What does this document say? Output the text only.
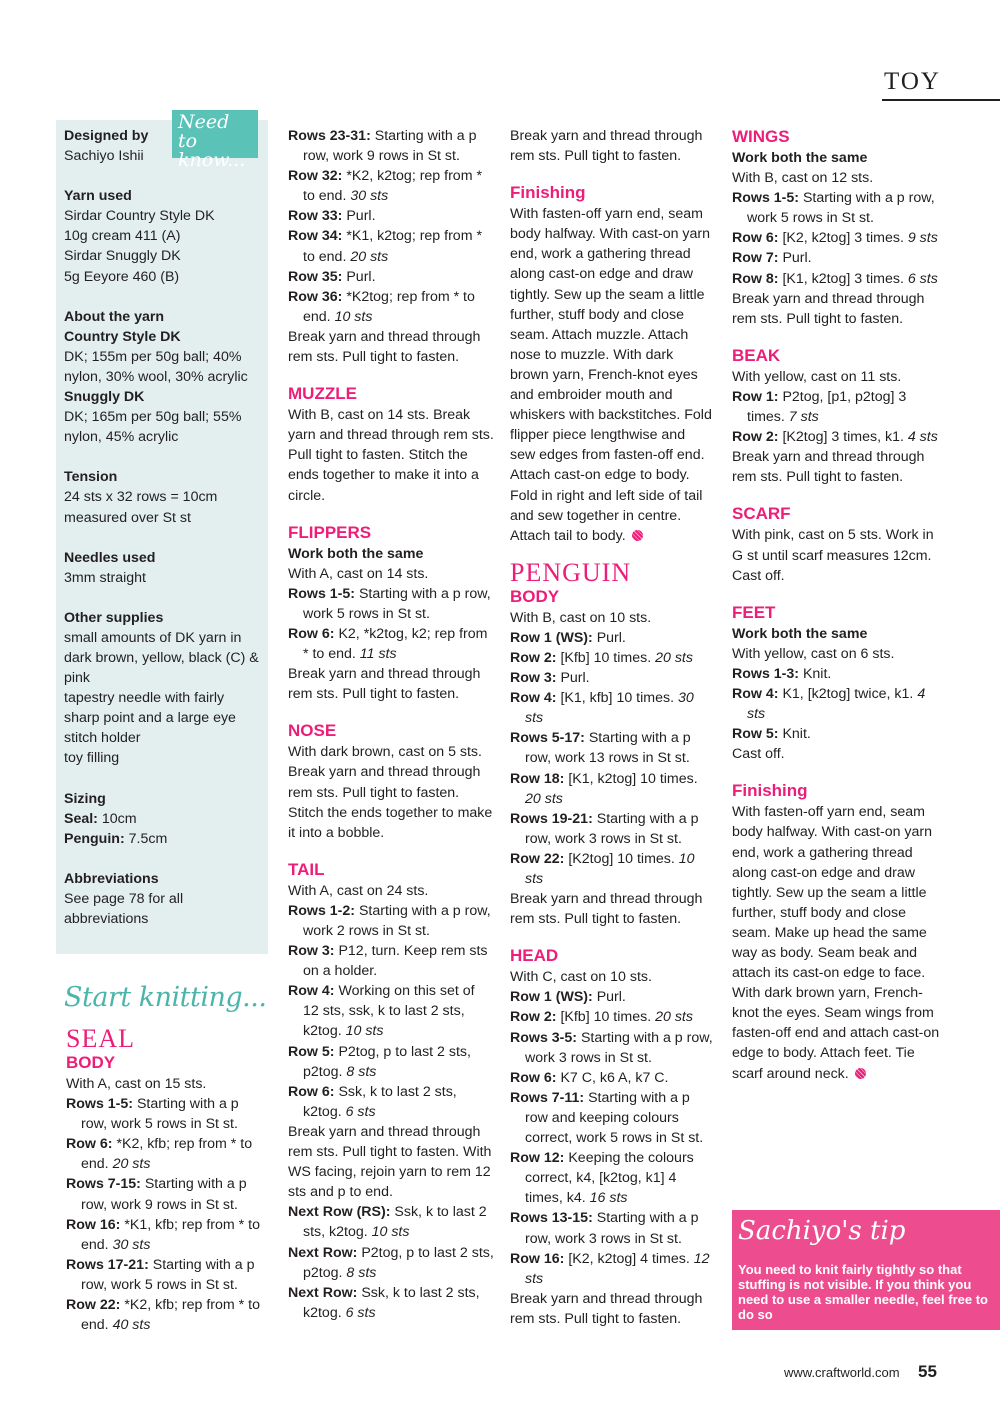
TOY
Need to know...

Designed by

Sachiyo Ishii

Yarn used

Sirdar Country Style DK

10g cream 411 (A)

Sirdar Snuggly DK

5g Eeyore 460 (B)

About the yarn

Country Style DK

DK; 155m per 50g ball; 40% nylon, 30% wool, 30% acrylic

Snuggly DK

DK; 165m per 50g ball; 55% nylon, 45% acrylic

Tension

24 sts x 32 rows = 10cm measured over St st

Needles used

3mm straight

Other supplies

small amounts of DK yarn in dark brown, yellow, black (C) & pink

tapestry needle with fairly sharp point and a large eye

stitch holder

toy filling

Sizing

Seal: 10cm

Penguin: 7.5cm

Abbreviations

See page 78 for all abbreviations

Start knitting...

SEAL

BODY

With A, cast on 15 sts.

Rows 1-5: Starting with a p row, work 5 rows in St st.

Row 6: *K2, kfb; rep from * to end. 20 sts

Rows 7-15: Starting with a p row, work 9 rows in St st.

Row 16: *K1, kfb; rep from * to end. 30 sts

Rows 17-21: Starting with a p row, work 5 rows in St st.

Row 22: *K2, kfb; rep from * to end. 40 sts

Rows 23-31: Starting with a p row, work 9 rows in St st.

Row 32: *K2, k2tog; rep from * to end. 30 sts

Row 33: Purl.

Row 34: *K1, k2tog; rep from * to end. 20 sts

Row 35: Purl.

Row 36: *K2tog; rep from * to end. 10 sts

Break yarn and thread through rem sts. Pull tight to fasten.

MUZZLE

With B, cast on 14 sts. Break yarn and thread through rem sts. Pull tight to fasten. Stitch the ends together to make it into a circle.

FLIPPERS

Work both the same

With A, cast on 14 sts.

Rows 1-5: Starting with a p row, work 5 rows in St st.

Row 6: K2, *k2tog, k2; rep from * to end. 11 sts

Break yarn and thread through rem sts. Pull tight to fasten.

NOSE

With dark brown, cast on 5 sts. Break yarn and thread through rem sts. Pull tight to fasten. Stitch the ends together to make it into a bobble.

TAIL

With A, cast on 24 sts.

Rows 1-2: Starting with a p row, work 2 rows in St st.

Row 3: P12, turn. Keep rem sts on a holder.

Row 4: Working on this set of 12 sts, ssk, k to last 2 sts, k2tog. 10 sts

Row 5: P2tog, p to last 2 sts, p2tog. 8 sts

Row 6: Ssk, k to last 2 sts, k2tog. 6 sts

Break yarn and thread through rem sts. Pull tight to fasten. With WS facing, rejoin yarn to rem 12 sts and p to end.

Next Row (RS): Ssk, k to last 2 sts, k2tog. 10 sts

Next Row: P2tog, p to last 2 sts, p2tog. 8 sts

Next Row: Ssk, k to last 2 sts, k2tog. 6 sts

Break yarn and thread through rem sts. Pull tight to fasten.

Finishing

With fasten-off yarn end, seam body halfway. With cast-on yarn end, work a gathering thread along cast-on edge and draw tightly. Sew up the seam a little further, stuff body and close seam. Attach muzzle. Attach nose to muzzle. With dark brown yarn, French-knot eyes and embroider mouth and whiskers with backstitches. Fold flipper piece lengthwise and sew edges from fasten-off end. Attach cast-on edge to body. Fold in right and left side of tail and sew together in centre. Attach tail to body.

PENGUIN

BODY

With B, cast on 10 sts.

Row 1 (WS): Purl.

Row 2: [Kfb] 10 times. 20 sts

Row 3: Purl.

Row 4: [K1, kfb] 10 times. 30 sts

Rows 5-17: Starting with a p row, work 13 rows in St st.

Row 18: [K1, k2tog] 10 times. 20 sts

Rows 19-21: Starting with a p row, work 3 rows in St st.

Row 22: [K2tog] 10 times. 10 sts

Break yarn and thread through rem sts. Pull tight to fasten.

HEAD

With C, cast on 10 sts.

Row 1 (WS): Purl.

Row 2: [Kfb] 10 times. 20 sts

Rows 3-5: Starting with a p row, work 3 rows in St st.

Row 6: K7 C, k6 A, k7 C.

Rows 7-11: Starting with a p row and keeping colours correct, work 5 rows in St st.

Row 12: Keeping the colours correct, k4, [k2tog, k1] 4 times, k4. 16 sts

Rows 13-15: Starting with a p row, work 3 rows in St st.

Row 16: [K2, k2tog] 4 times. 12 sts

Break yarn and thread through rem sts. Pull tight to fasten.

WINGS

Work both the same

With B, cast on 12 sts.

Rows 1-5: Starting with a p row, work 5 rows in St st.

Row 6: [K2, k2tog] 3 times. 9 sts

Row 7: Purl.

Row 8: [K1, k2tog] 3 times. 6 sts

Break yarn and thread through rem sts. Pull tight to fasten.

BEAK

With yellow, cast on 11 sts.

Row 1: P2tog, [p1, p2tog] 3 times. 7 sts

Row 2: [K2tog] 3 times, k1. 4 sts

Break yarn and thread through rem sts. Pull tight to fasten.

SCARF

With pink, cast on 5 sts. Work in G st until scarf measures 12cm. Cast off.

FEET

Work both the same

With yellow, cast on 6 sts.

Rows 1-3: Knit.

Row 4: K1, [k2tog] twice, k1. 4 sts

Row 5: Knit.

Cast off.

Finishing

With fasten-off yarn end, seam body halfway. With cast-on yarn end, work a gathering thread along cast-on edge and draw tightly. Sew up the seam a little further, stuff body and close seam. Make up head the same way as body. Seam beak and attach its cast-on edge to face. With dark brown yarn, French-knot the eyes. Seam wings from fasten-off end and attach cast-on edge to body. Attach feet. Tie scarf around neck.

Sachiyo's tip
You need to knit fairly tightly so that stuffing is not visible. If you think you need to use a smaller needle, feel free to do so
www.craftworld.com 55
